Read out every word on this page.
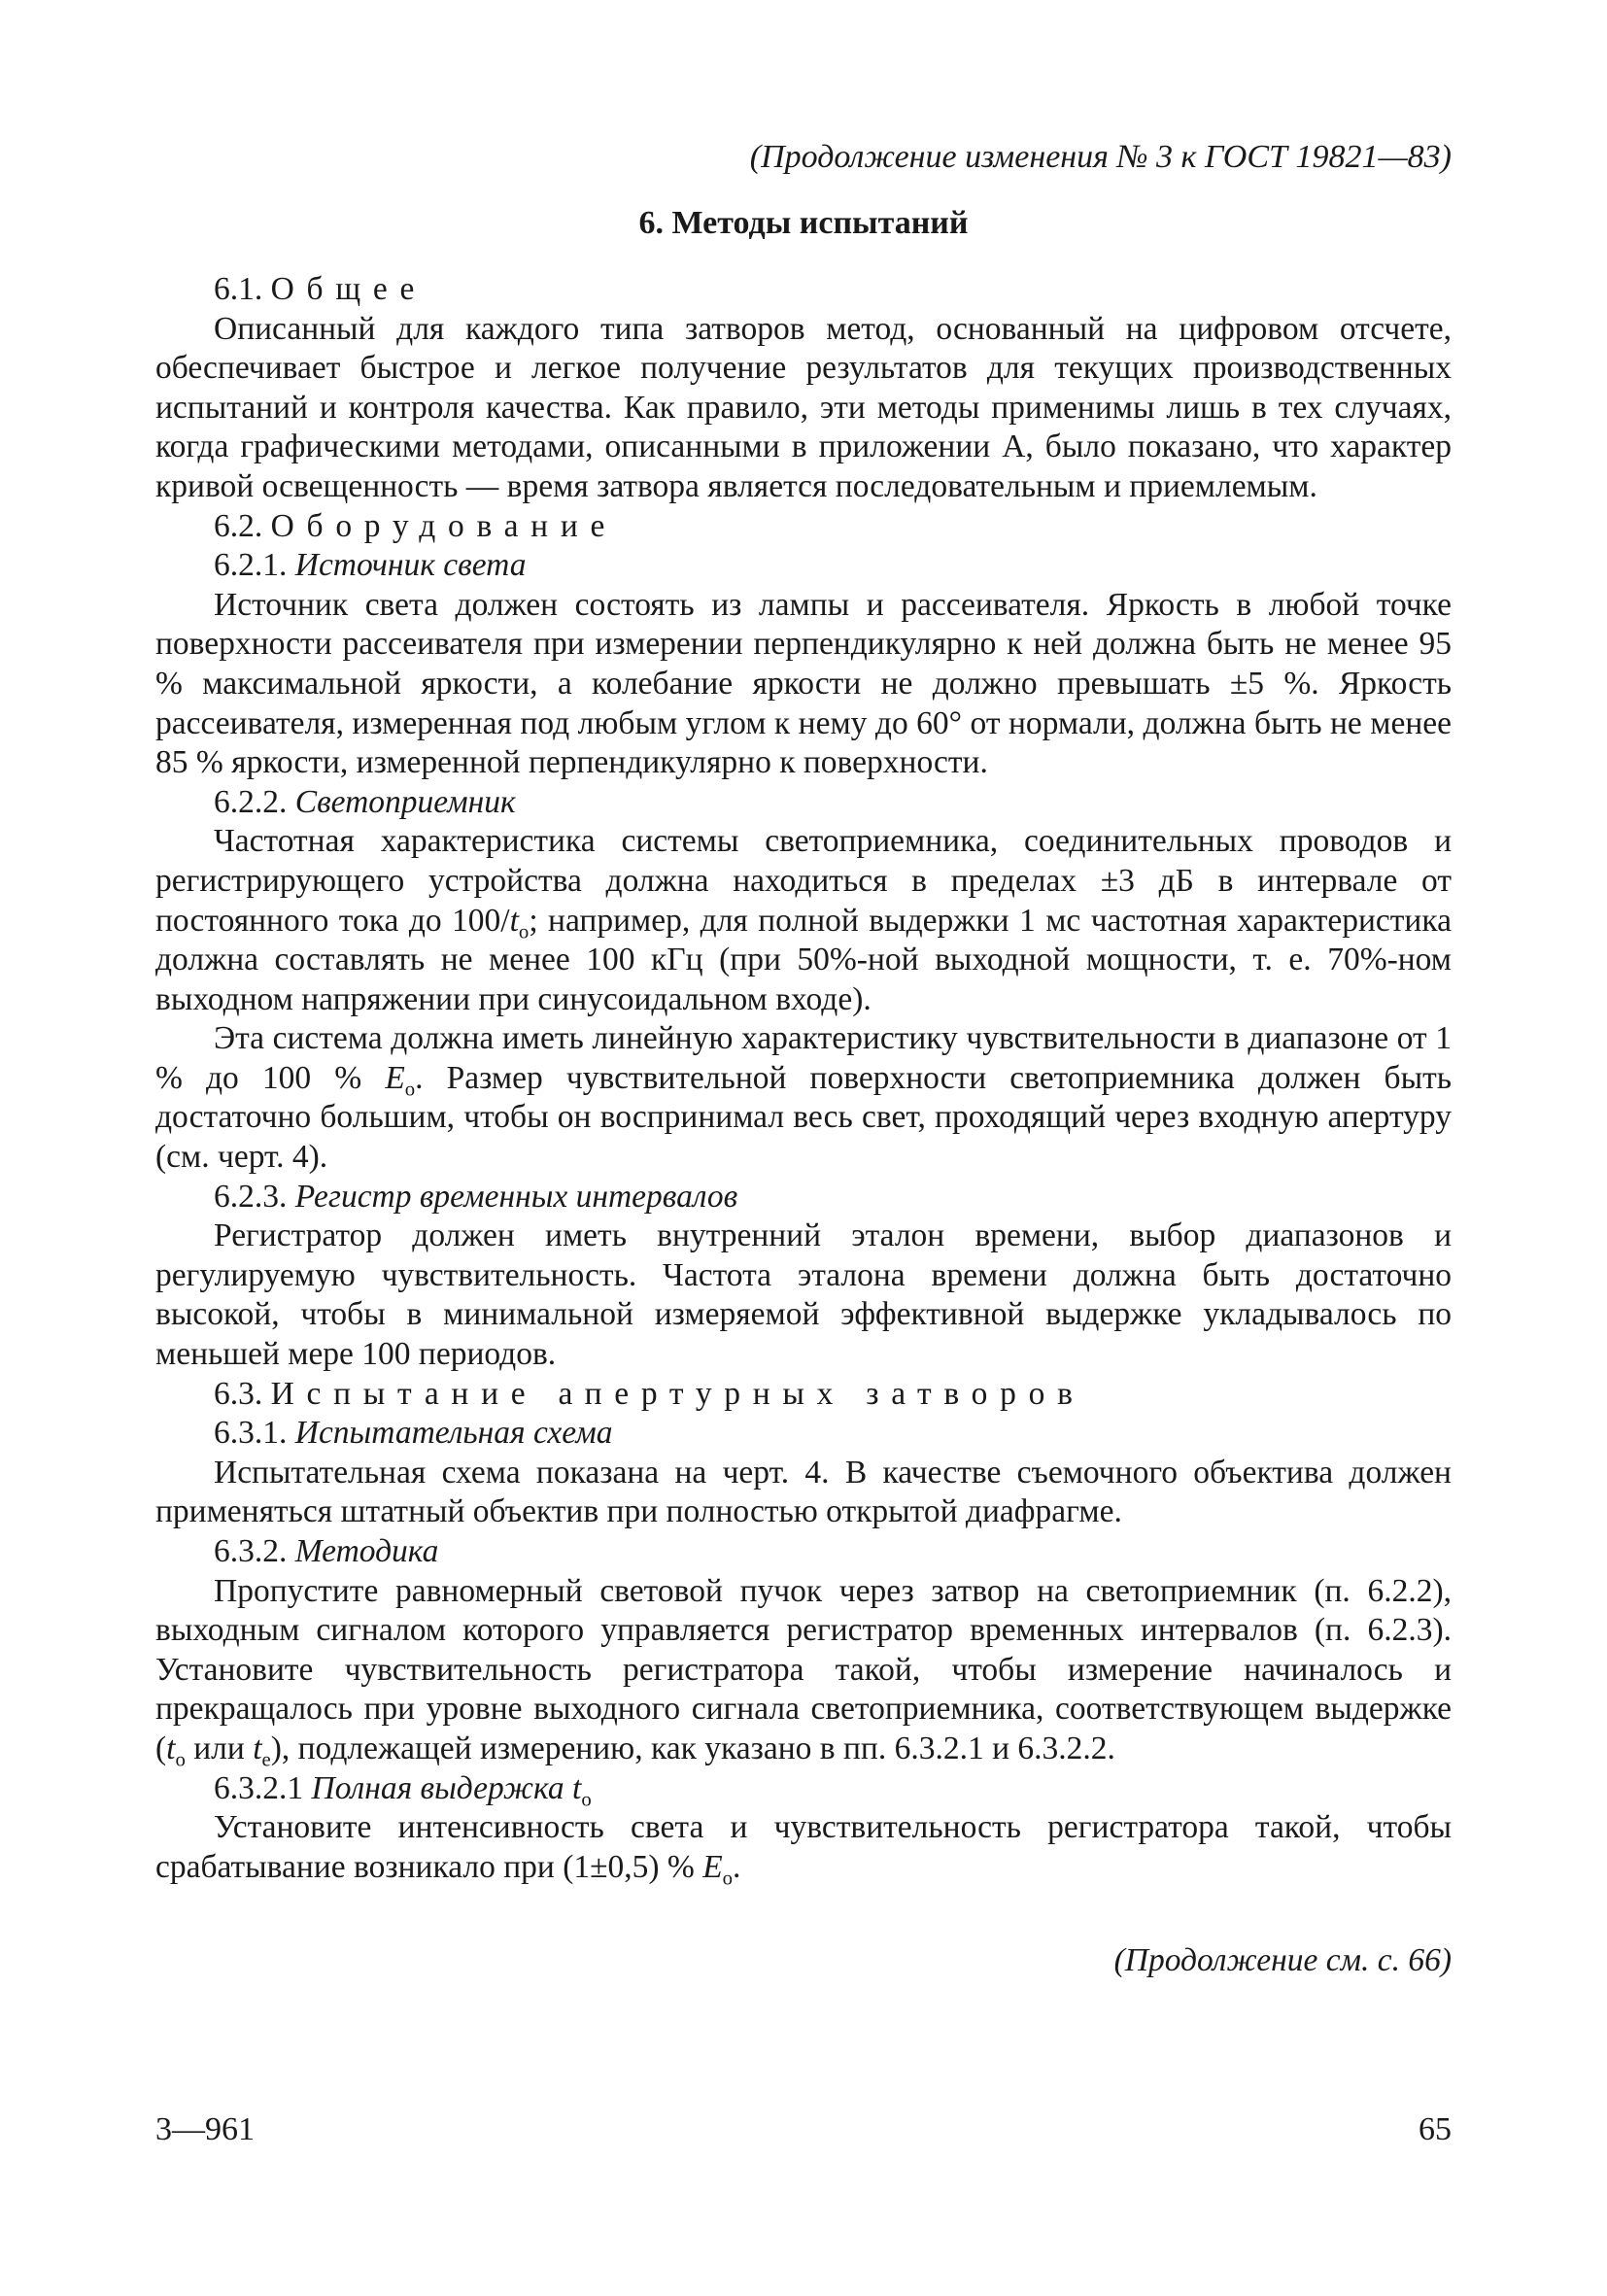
(Продолжение изменения № 3 к ГОСТ 19821—83)
6. Методы испытаний

6.1. Общее

Описанный для каждого типа затворов метод, основанный на цифровом отсчете, обеспечивает быстрое и легкое получение результатов для текущих производственных испытаний и контроля качества. Как правило, эти методы применимы лишь в тех случаях, когда графическими методами, описанными в приложении А, было показано, что характер кривой освещенность — время затвора является последовательным и приемлемым.

6.2. Оборудование

6.2.1. Источник света

Источник света должен состоять из лампы и рассеивателя. Яркость в любой точке поверхности рассеивателя при измерении перпендикулярно к ней должна быть не менее 95 % максимальной яркости, а колебание яркости не должно превышать ±5 %. Яркость рассеивателя, измеренная под любым углом к нему до 60° от нормали, должна быть не менее 85 % яркости, измеренной перпендикулярно к поверхности.

6.2.2. Светоприемник

Частотная характеристика системы светоприемника, соединительных проводов и регистрирующего устройства должна находиться в пределах ±3 дБ в интервале от постоянного тока до $100/t_о$; например, для полной выдержки 1 мс частотная характеристика должна составлять не менее 100 кГц (при 50%-ной выходной мощности, т. е. 70%-ном выходном напряжении при синусоидальном входе).

Эта система должна иметь линейную характеристику чувствительности в диапазоне от 1 % до 100 % $E_о$. Размер чувствительной поверхности светоприемника должен быть достаточно большим, чтобы он воспринимал весь свет, проходящий через входную апертуру (см. черт. 4).

6.2.3. Регистр временных интервалов

Регистратор должен иметь внутренний эталон времени, выбор диапазонов и регулируемую чувствительность. Частота эталона времени должна быть достаточно высокой, чтобы в минимальной измеряемой эффективной выдержке укладывалось по меньшей мере 100 периодов.

6.3. Испытание апертурных затворов

6.3.1. Испытательная схема

Испытательная схема показана на черт. 4. В качестве съемочного объектива должен применяться штатный объектив при полностью открытой диафрагме.

6.3.2. Методика

Пропустите равномерный световой пучок через затвор на светоприемник (п. 6.2.2), выходным сигналом которого управляется регистратор временных интервалов (п. 6.2.3). Установите чувствительность регистратора такой, чтобы измерение начиналось и прекращалось при уровне выходного сигнала светоприемника, соответствующем выдержке ($t_о$ или $t_е$), подлежащей измерению, как указано в пп. 6.3.2.1 и 6.3.2.2.

6.3.2.1 Полная выдержка $t_о$

Установите интенсивность света и чувствительность регистратора такой, чтобы срабатывание возникало при (1±0,5) % $E_о$.

(Продолжение см. с. 66)
3—961	65
